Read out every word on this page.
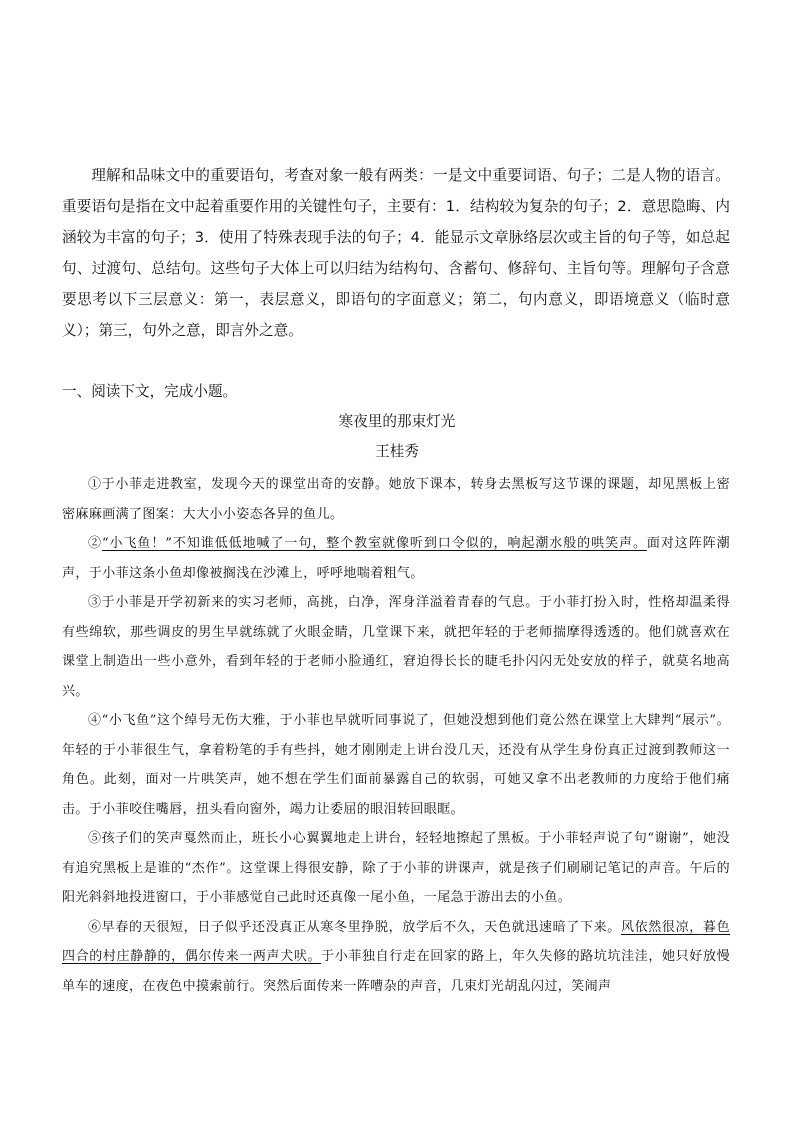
理解和品味文中的重要语句，考查对象一般有两类：一是文中重要词语、句子；二是人物的语言。重要语句是指在文中起着重要作用的关键性句子，主要有：1．结构较为复杂的句子；2．意思隐晦、内涵较为丰富的句子；3．使用了特殊表现手法的句子；4．能显示文章脉络层次或主旨的句子等，如总起句、过渡句、总结句。这些句子大体上可以归结为结构句、含蓄句、修辞句、主旨句等。理解句子含意要思考以下三层意义：第一，表层意义，即语句的字面意义；第二，句内意义，即语境意义（临时意义）；第三，句外之意，即言外之意。

一、阅读下文，完成小题。

寒夜里的那束灯光

王桂秀

①于小菲走进教室，发现今天的课堂出奇的安静。她放下课本，转身去黑板写这节课的课题，却见黑板上密密麻麻画满了图案：大大小小姿态各异的鱼儿。

②“小飞鱼！”不知谁低低地喊了一句，整个教室就像听到口令似的，响起潮水般的哄笑声。面对这阵阵潮声，于小菲这条小鱼却像被搁浅在沙滩上，呼呼地喘着粗气。

③于小菲是开学初新来的实习老师，高挑，白净，浑身洋溢着青春的气息。于小菲打扮入时，性格却温柔得有些绵软，那些调皮的男生早就练就了火眼金睛，几堂课下来，就把年轻的于老师揣摩得透透的。他们就喜欢在课堂上制造出一些小意外，看到年轻的于老师小脸通红，窘迫得长长的睫毛扑闪闪无处安放的样子，就莫名地高兴。

④“小飞鱼”这个绰号无伤大雅，于小菲也早就听同事说了，但她没想到他们竟公然在课堂上大肆判“展示”。年轻的于小菲很生气，拿着粉笔的手有些抖，她才刚刚走上讲台没几天，还没有从学生身份真正过渡到教师这一角色。此刻，面对一片哄笑声，她不想在学生们面前暴露自己的软弱，可她又拿不出老教师的力度给于他们痛击。于小菲咬住嘴唇，扭头看向窗外，竭力让委屈的眼泪转回眼眶。

⑤孩子们的笑声戛然而止，班长小心翼翼地走上讲台，轻轻地擦起了黑板。于小菲轻声说了句“谢谢”，她没有追究黑板上是谁的“杰作”。这堂课上得很安静，除了于小菲的讲课声，就是孩子们刷刷记笔记的声音。午后的阳光斜斜地投进窗口，于小菲感觉自己此时还真像一尾小鱼，一尾急于游出去的小鱼。

⑥早春的天很短，日子似乎还没真正从寒冬里挣脱，放学后不久，天色就迅速暗了下来。风依然很凉，暮色四合的村庄静静的，偶尔传来一两声犬吠。于小菲独自行走在回家的路上，年久失修的路坑坑洼洼，她只好放慢单车的速度，在夜色中摸索前行。突然后面传来一阵嘈杂的声音，几束灯光胡乱闪过，笑闹声
